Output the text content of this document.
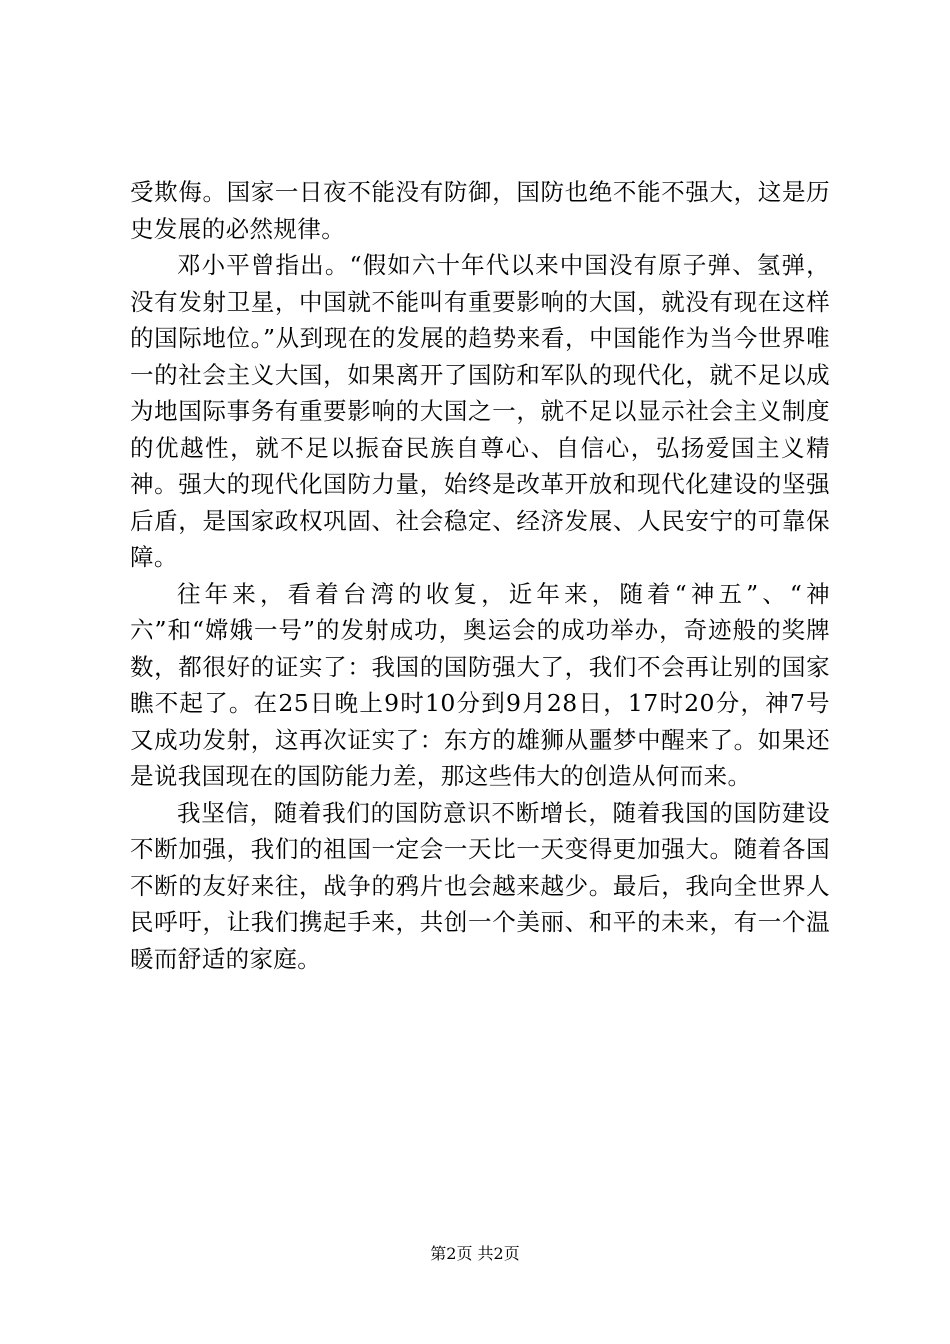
受欺侮。国家一日夜不能没有防御，国防也绝不能不强大，这是历史发展的必然规律。

邓小平曾指出。“假如六十年代以来中国没有原子弹、氢弹，没有发射卫星，中国就不能叫有重要影响的大国，就没有现在这样的国际地位。”从到现在的发展的趋势来看，中国能作为当今世界唯一的社会主义大国，如果离开了国防和军队的现代化，就不足以成为地国际事务有重要影响的大国之一，就不足以显示社会主义制度的优越性，就不足以振奋民族自尊心、自信心，弘扬爱国主义精神。强大的现代化国防力量，始终是改革开放和现代化建设的坚强后盾，是国家政权巩固、社会稳定、经济发展、人民安宁的可靠保障。

往年来，看着台湾的收复，近年来，随着“神五”、“神六”和“嫦娥一号”的发射成功，奥运会的成功举办，奇迹般的奖牌数，都很好的证实了：我国的国防强大了，我们不会再让别的国家瞧不起了。在25日晚上9时10分到9月28日，17时20分，神7号又成功发射，这再次证实了：东方的雄狮从噩梦中醒来了。如果还是说我国现在的国防能力差，那这些伟大的创造从何而来。

我坚信，随着我们的国防意识不断增长，随着我国的国防建设不断加强，我们的祖国一定会一天比一天变得更加强大。随着各国不断的友好来往，战争的鸦片也会越来越少。最后，我向全世界人民呼吁，让我们携起手来，共创一个美丽、和平的未来，有一个温暖而舒适的家庭。

第2页 共2页
